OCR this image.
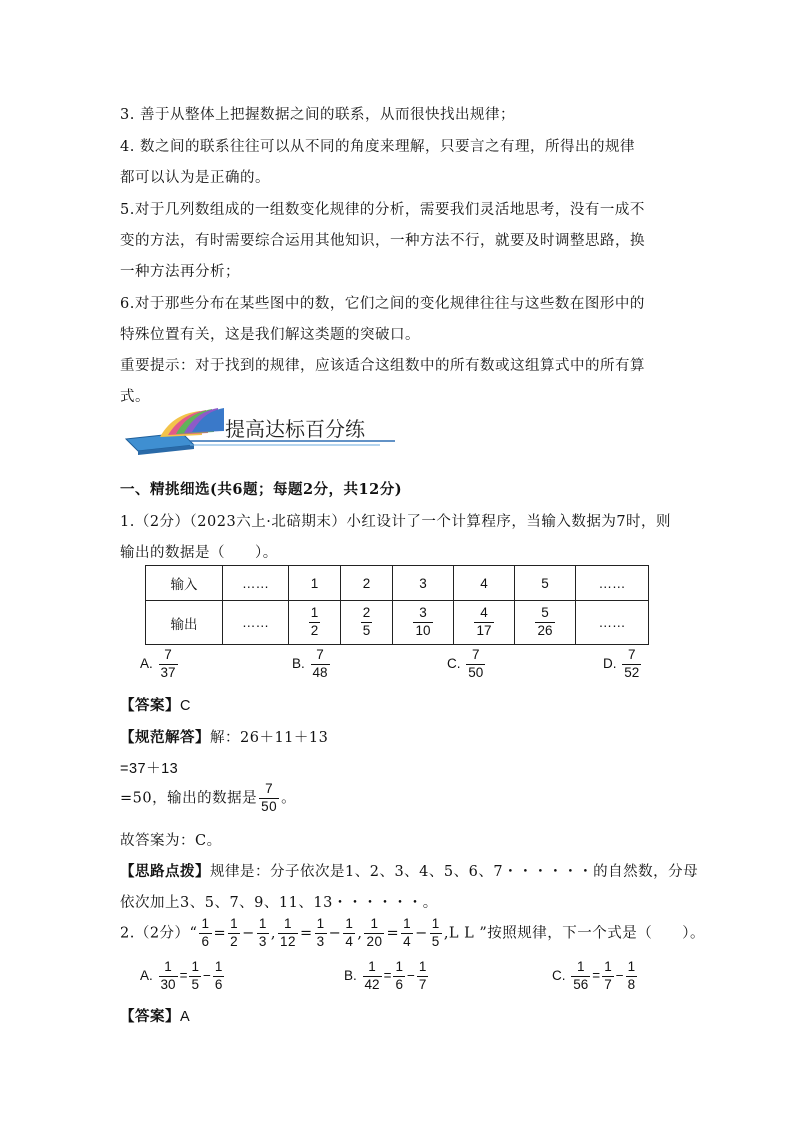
3. 善于从整体上把握数据之间的联系，从而很快找出规律；
4. 数之间的联系往往可以从不同的角度来理解，只要言之有理，所得出的规律
都可以认为是正确的。
5.对于几列数组成的一组数变化规律的分析，需要我们灵活地思考，没有一成不
变的方法，有时需要综合运用其他知识，一种方法不行，就要及时调整思路，换
一种方法再分析；
6.对于那些分布在某些图中的数，它们之间的变化规律往往与这些数在图形中的
特殊位置有关，这是我们解这类题的突破口。
重要提示：对于找到的规律，应该适合这组数中的所有数或这组算式中的所有算
式。
提高达标百分练
一、精挑细选(共6题；每题2分，共12分)
1.（2分）（2023六上·北碚期末）小红设计了一个计算程序，当输入数据为7时，则
输出的数据是（　　）。
输入	……	1	2	3	4	5	……
输出	……	$\frac{1}{2}$	$\frac{2}{5}$	$\frac{3}{10}$	$\frac{4}{17}$	$\frac{5}{26}$	……
A. $\frac{7}{37}$	B. $\frac{7}{48}$	C. $\frac{7}{50}$	D. $\frac{7}{52}$
【答案】C
【规范解答】解：26＋11＋13
=37＋13
=50，输出的数据是 $\frac{7}{50}$ 。
故答案为：C。
【思路点拨】规律是：分子依次是1、2、3、4、5、6、7・・・・・・的自然数，分母
依次加上3、5、7、9、11、13・・・・・・。
2.（2分）“ $\frac{1}{6} = \frac{1}{2} - \frac{1}{3}$ , $\frac{1}{12} = \frac{1}{3} - \frac{1}{4}$ , $\frac{1}{20} = \frac{1}{4} - \frac{1}{5} ,L$ L ”按照规律，下一个式是（　　）。
A. $\frac{1}{30} = \frac{1}{5} - \frac{1}{6}$	B. $\frac{1}{42} = \frac{1}{6} - \frac{1}{7}$	C. $\frac{1}{56} = \frac{1}{7} - \frac{1}{8}$
【答案】A
